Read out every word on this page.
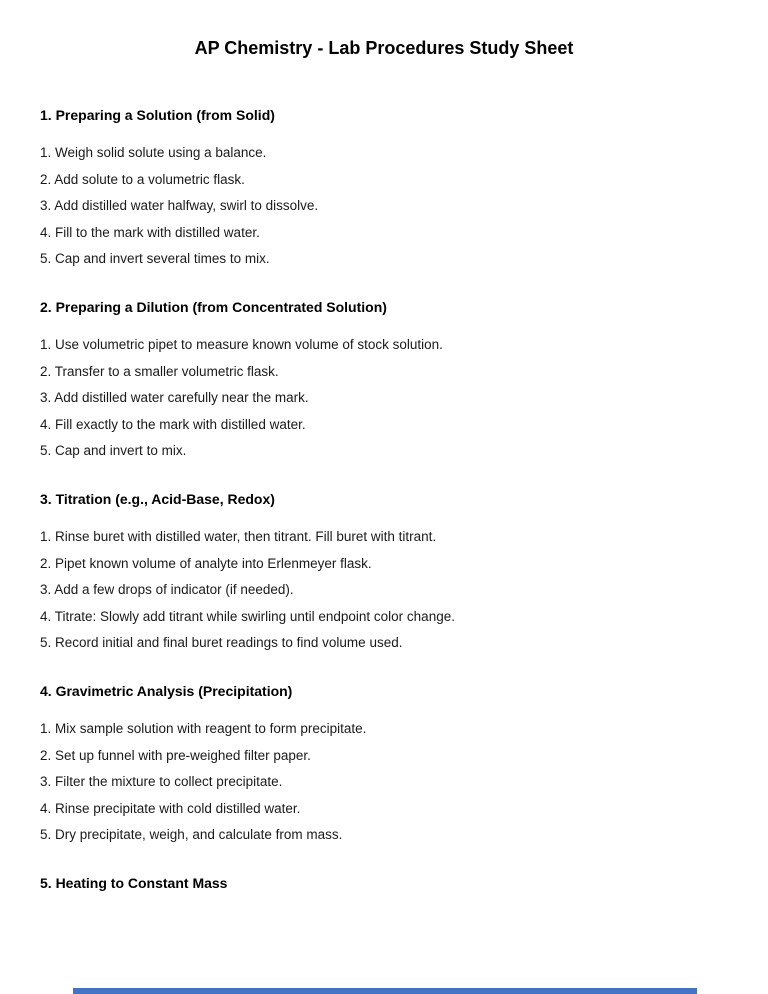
AP Chemistry - Lab Procedures Study Sheet
1. Preparing a Solution (from Solid)

1. Weigh solid solute using a balance.

2. Add solute to a volumetric flask.

3. Add distilled water halfway, swirl to dissolve.

4. Fill to the mark with distilled water.

5. Cap and invert several times to mix.

2. Preparing a Dilution (from Concentrated Solution)

1. Use volumetric pipet to measure known volume of stock solution.

2. Transfer to a smaller volumetric flask.

3. Add distilled water carefully near the mark.

4. Fill exactly to the mark with distilled water.

5. Cap and invert to mix.

3. Titration (e.g., Acid-Base, Redox)

1. Rinse buret with distilled water, then titrant. Fill buret with titrant.

2. Pipet known volume of analyte into Erlenmeyer flask.

3. Add a few drops of indicator (if needed).

4. Titrate: Slowly add titrant while swirling until endpoint color change.

5. Record initial and final buret readings to find volume used.

4. Gravimetric Analysis (Precipitation)

1. Mix sample solution with reagent to form precipitate.

2. Set up funnel with pre-weighed filter paper.

3. Filter the mixture to collect precipitate.

4. Rinse precipitate with cold distilled water.

5. Dry precipitate, weigh, and calculate from mass.

5. Heating to Constant Mass
